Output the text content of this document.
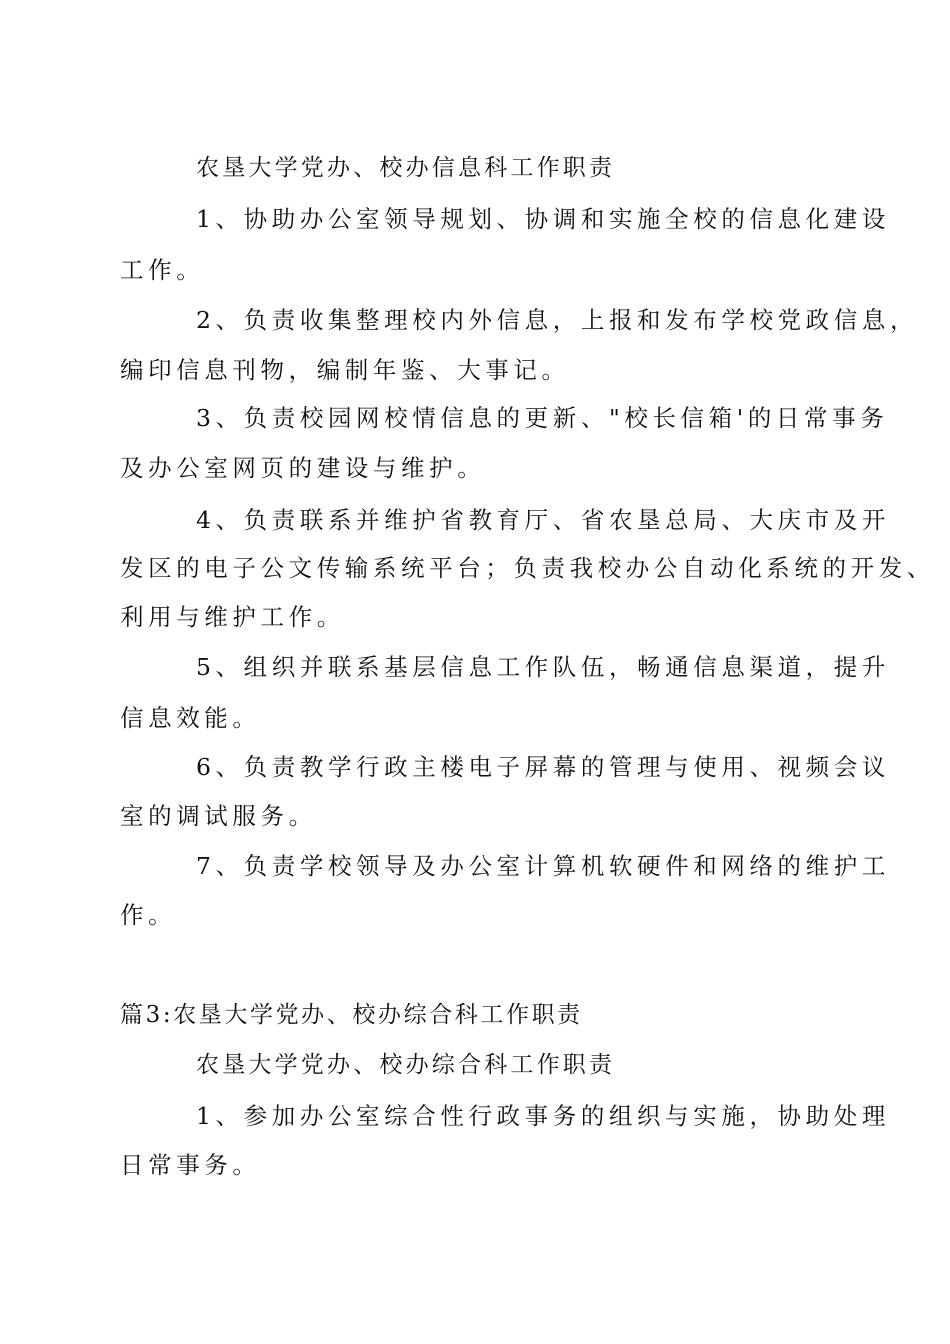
农垦大学党办、校办信息科工作职责
1、协助办公室领导规划、协调和实施全校的信息化建设
工作。
2、负责收集整理校内外信息，上报和发布学校党政信息，
编印信息刊物，编制年鉴、大事记。
3、负责校园网校情信息的更新、"校长信箱'的日常事务
及办公室网页的建设与维护。
4、负责联系并维护省教育厅、省农垦总局、大庆市及开
发区的电子公文传输系统平台；负责我校办公自动化系统的开发、
利用与维护工作。
5、组织并联系基层信息工作队伍，畅通信息渠道，提升
信息效能。
6、负责教学行政主楼电子屏幕的管理与使用、视频会议
室的调试服务。
7、负责学校领导及办公室计算机软硬件和网络的维护工
作。
篇3:农垦大学党办、校办综合科工作职责
农垦大学党办、校办综合科工作职责
1、参加办公室综合性行政事务的组织与实施，协助处理
日常事务。
